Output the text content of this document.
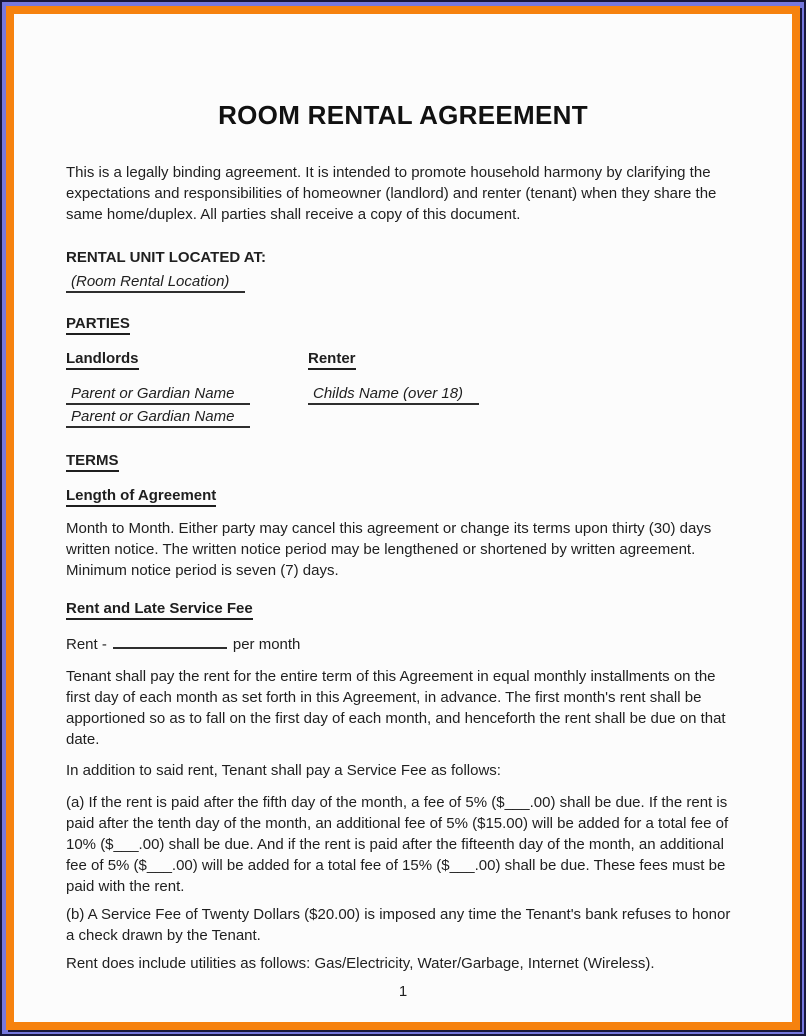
ROOM RENTAL AGREEMENT

This is a legally binding agreement. It is intended to promote household harmony by clarifying the expectations and responsibilities of homeowner (landlord) and renter (tenant) when they share the same home/duplex. All parties shall receive a copy of this document.

RENTAL UNIT LOCATED AT:
(Room Rental Location)
PARTIES
Landlords
Parent or Gardian Name
Parent or Gardian Name
Renter
Childs Name (over 18)
TERMS
Length of Agreement

Month to Month. Either party may cancel this agreement or change its terms upon thirty (30) days written notice. The written notice period may be lengthened or shortened by written agreement. Minimum notice period is seven (7) days.

Rent and Late Service Fee
Rent -	per month

Tenant shall pay the rent for the entire term of this Agreement in equal monthly installments on the first day of each month as set forth in this Agreement, in advance. The first month's rent shall be apportioned so as to fall on the first day of each month, and henceforth the rent shall be due on that date.

In addition to said rent, Tenant shall pay a Service Fee as follows:

(a) If the rent is paid after the fifth day of the month, a fee of 5% ($___.00) shall be due. If the rent is paid after the tenth day of the month, an additional fee of 5% ($15.00) will be added for a total fee of 10% ($___.00) shall be due. And if the rent is paid after the fifteenth day of the month, an additional fee of 5% ($___.00) will be added for a total fee of 15% ($___.00) shall be due. These fees must be paid with the rent.

(b) A Service Fee of Twenty Dollars ($20.00) is imposed any time the Tenant's bank refuses to honor a check drawn by the Tenant.

Rent does include utilities as follows: Gas/Electricity, Water/Garbage, Internet (Wireless).

1
